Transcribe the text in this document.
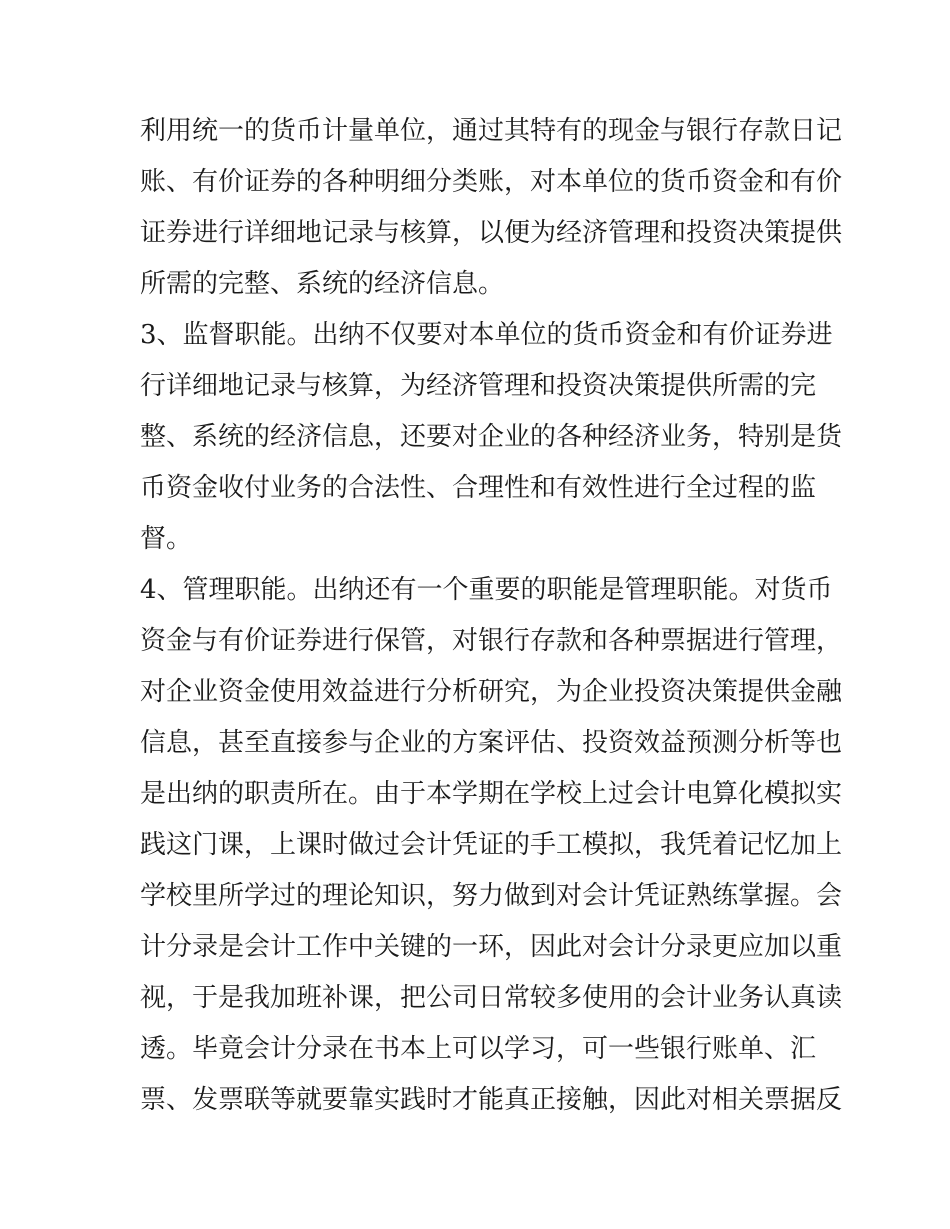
利用统一的货币计量单位，通过其特有的现金与银行存款日记
账、有价证券的各种明细分类账，对本单位的货币资金和有价
证券进行详细地记录与核算，以便为经济管理和投资决策提供
所需的完整、系统的经济信息。
3、监督职能。出纳不仅要对本单位的货币资金和有价证券进
行详细地记录与核算，为经济管理和投资决策提供所需的完
整、系统的经济信息，还要对企业的各种经济业务，特别是货
币资金收付业务的合法性、合理性和有效性进行全过程的监
督。
4、管理职能。出纳还有一个重要的职能是管理职能。对货币
资金与有价证券进行保管，对银行存款和各种票据进行管理，
对企业资金使用效益进行分析研究，为企业投资决策提供金融
信息，甚至直接参与企业的方案评估、投资效益预测分析等也
是出纳的职责所在。由于本学期在学校上过会计电算化模拟实
践这门课，上课时做过会计凭证的手工模拟，我凭着记忆加上
学校里所学过的理论知识，努力做到对会计凭证熟练掌握。会
计分录是会计工作中关键的一环，因此对会计分录更应加以重
视，于是我加班补课，把公司日常较多使用的会计业务认真读
透。毕竟会计分录在书本上可以学习，可一些银行账单、汇
票、发票联等就要靠实践时才能真正接触，因此对相关票据反
